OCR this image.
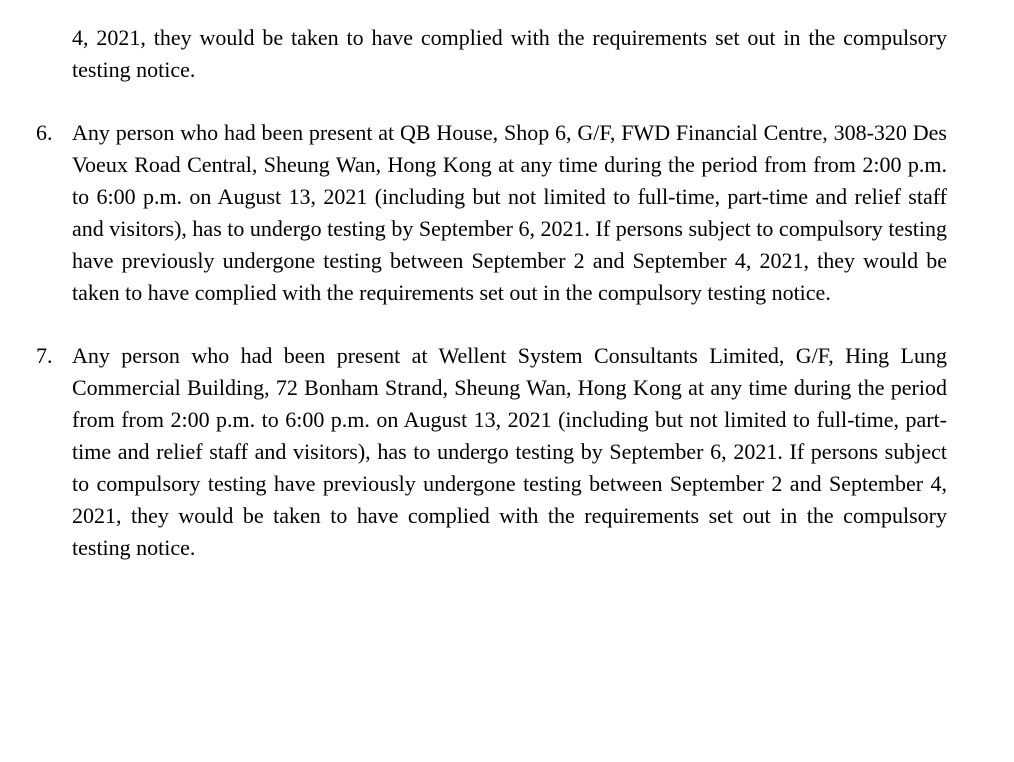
4, 2021, they would be taken to have complied with the requirements set out in the compulsory testing notice.

6. Any person who had been present at QB House, Shop 6, G/F, FWD Financial Centre, 308-320 Des Voeux Road Central, Sheung Wan, Hong Kong at any time during the period from from 2:00 p.m. to 6:00 p.m. on August 13, 2021 (including but not limited to full-time, part-time and relief staff and visitors), has to undergo testing by September 6, 2021. If persons subject to compulsory testing have previously undergone testing between September 2 and September 4, 2021, they would be taken to have complied with the requirements set out in the compulsory testing notice.
7. Any person who had been present at Wellent System Consultants Limited, G/F, Hing Lung Commercial Building, 72 Bonham Strand, Sheung Wan, Hong Kong at any time during the period from from 2:00 p.m. to 6:00 p.m. on August 13, 2021 (including but not limited to full-time, part-time and relief staff and visitors), has to undergo testing by September 6, 2021. If persons subject to compulsory testing have previously undergone testing between September 2 and September 4, 2021, they would be taken to have complied with the requirements set out in the compulsory testing notice.
